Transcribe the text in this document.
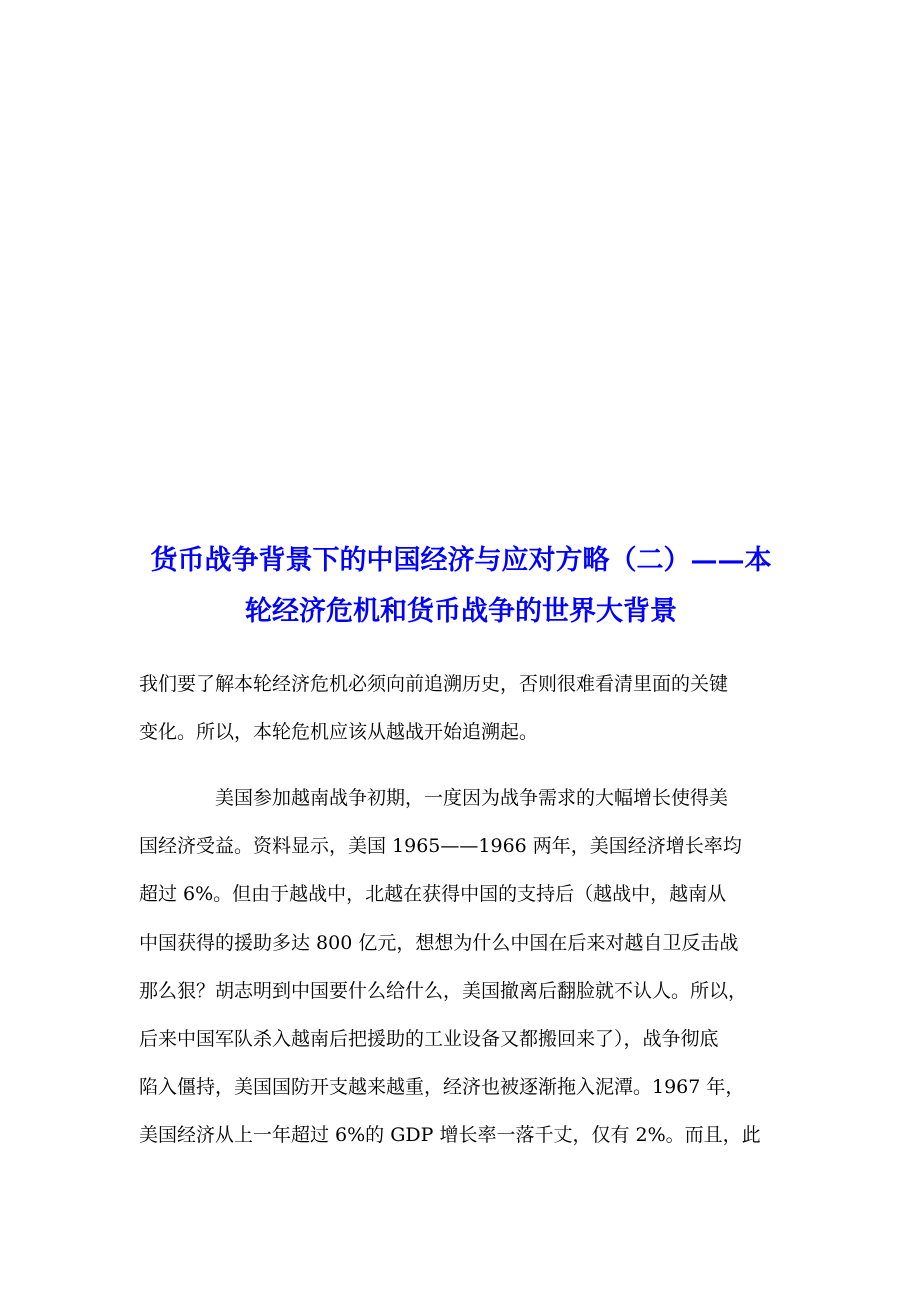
货币战争背景下的中国经济与应对方略（二）——本
轮经济危机和货币战争的世界大背景

我们要了解本轮经济危机必须向前追溯历史，否则很难看清里面的关键
变化。所以，本轮危机应该从越战开始追溯起。

美国参加越南战争初期，一度因为战争需求的大幅增长使得美
国经济受益。资料显示，美国 1965——1966 两年，美国经济增长率均
超过 6%。但由于越战中，北越在获得中国的支持后（越战中，越南从
中国获得的援助多达 800 亿元，想想为什么中国在后来对越自卫反击战
那么狠？胡志明到中国要什么给什么，美国撤离后翻脸就不认人。所以，
后来中国军队杀入越南后把援助的工业设备又都搬回来了），战争彻底
陷入僵持，美国国防开支越来越重，经济也被逐渐拖入泥潭。1967 年，
美国经济从上一年超过 6%的 GDP 增长率一落千丈，仅有 2%。而且，此
